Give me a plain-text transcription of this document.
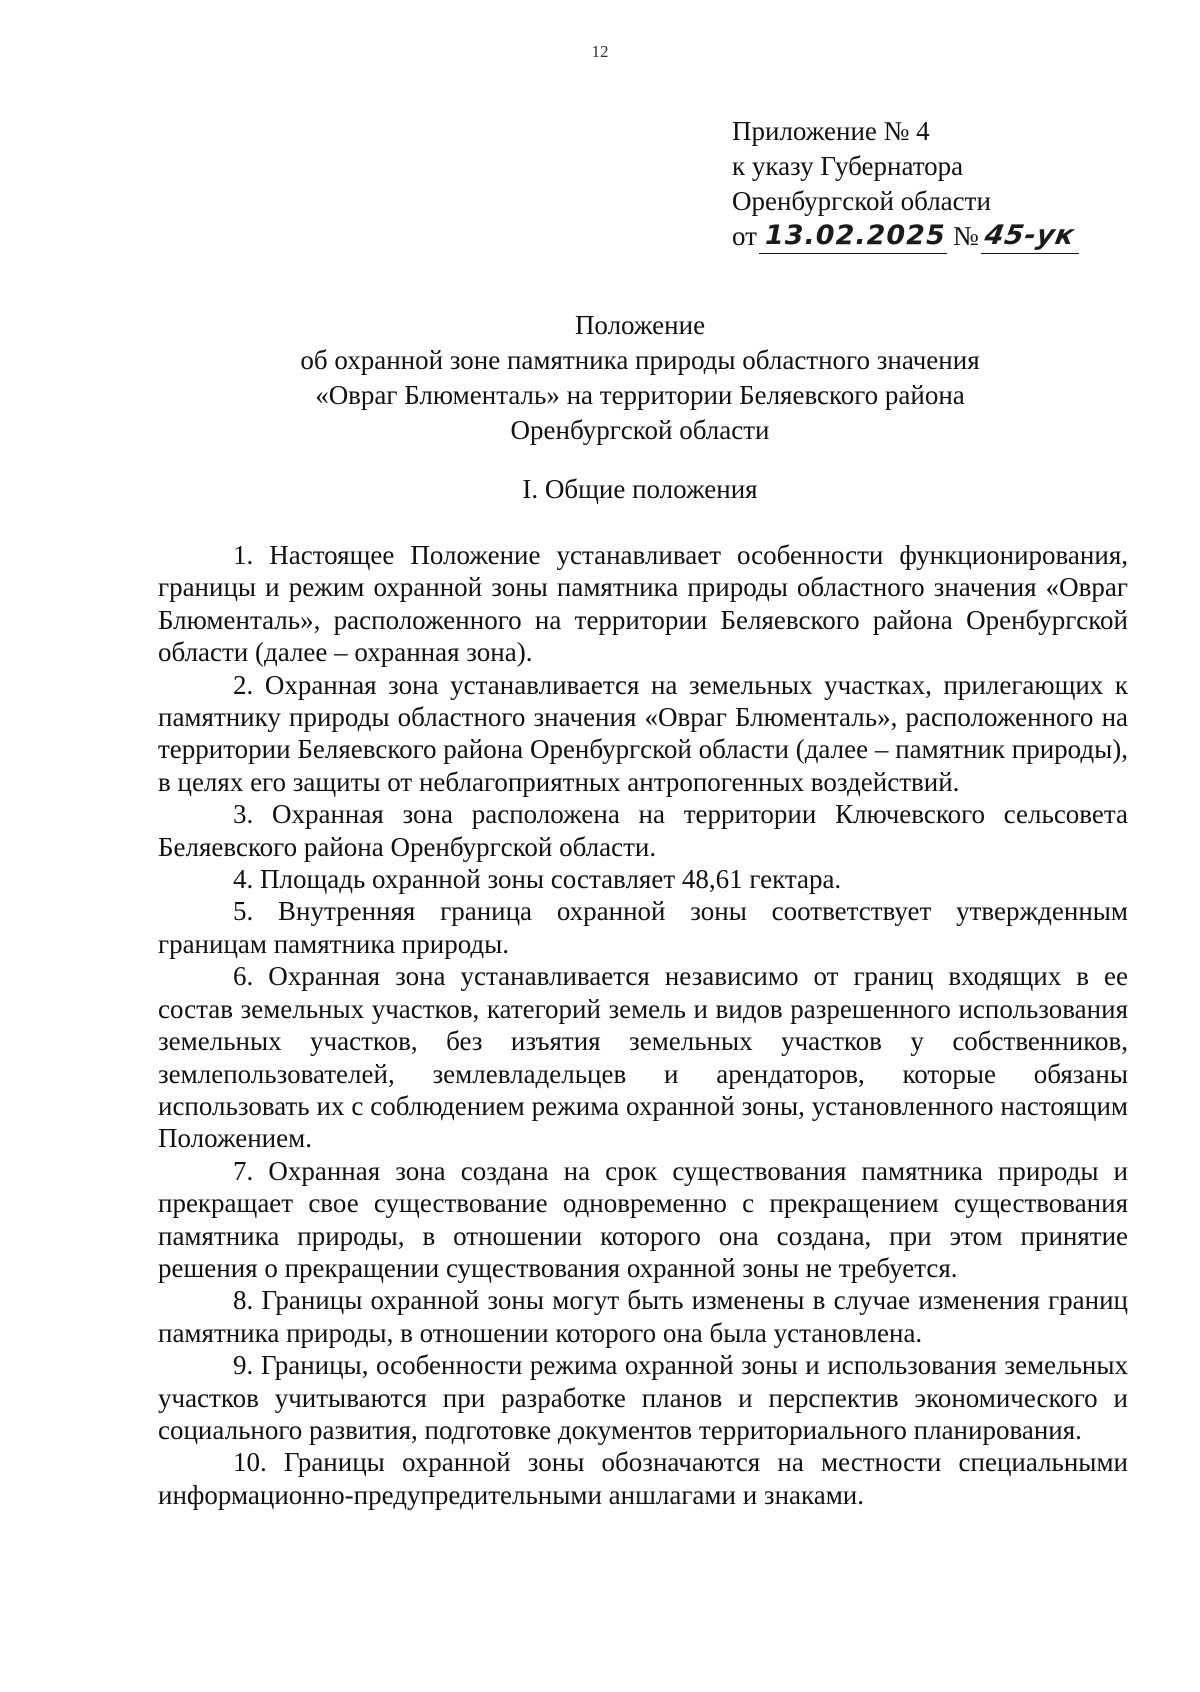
12
Приложение № 4
к указу Губернатора
Оренбургской области
от 13.02.2025 № 45-ук
Положение
об охранной зоне памятника природы областного значения
«Овраг Блюменталь» на территории Беляевского района
Оренбургской области
I. Общие положения

1. Настоящее Положение устанавливает особенности функционирования, границы и режим охранной зоны памятника природы областного значения «Овраг Блюменталь», расположенного на территории Беляевского района Оренбургской области (далее – охранная зона).

2. Охранная зона устанавливается на земельных участках, прилегающих к памятнику природы областного значения «Овраг Блюменталь», расположенного на территории Беляевского района Оренбургской области (далее – памятник природы), в целях его защиты от неблагоприятных антропогенных воздействий.

3. Охранная зона расположена на территории Ключевского сельсовета Беляевского района Оренбургской области.

4. Площадь охранной зоны составляет 48,61 гектара.

5. Внутренняя граница охранной зоны соответствует утвержденным границам памятника природы.

6. Охранная зона устанавливается независимо от границ входящих в ее состав земельных участков, категорий земель и видов разрешенного использования земельных участков, без изъятия земельных участков у собственников, землепользователей, землевладельцев и арендаторов, которые обязаны использовать их с соблюдением режима охранной зоны, установленного настоящим Положением.

7. Охранная зона создана на срок существования памятника природы и прекращает свое существование одновременно с прекращением существования памятника природы, в отношении которого она создана, при этом принятие решения о прекращении существования охранной зоны не требуется.

8. Границы охранной зоны могут быть изменены в случае изменения границ памятника природы, в отношении которого она была установлена.

9. Границы, особенности режима охранной зоны и использования земельных участков учитываются при разработке планов и перспектив экономического и социального развития, подготовке документов территориального планирования.

10. Границы охранной зоны обозначаются на местности специальными информационно-предупредительными аншлагами и знаками.
